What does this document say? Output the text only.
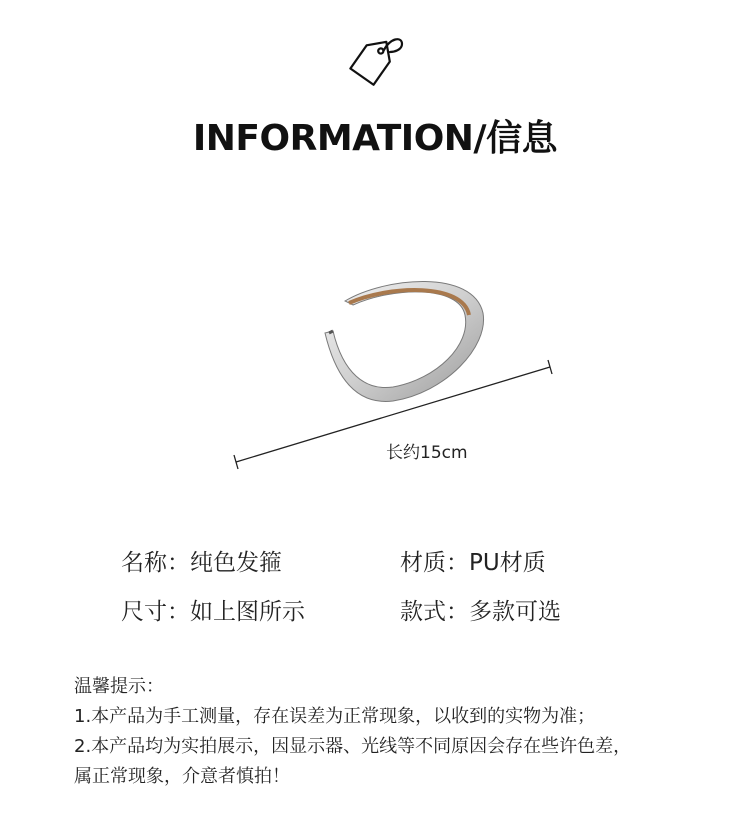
INFORMATION/信息
长约15cm
名称：纯色发箍	材质：PU材质
尺寸：如上图所示	款式：多款可选
温馨提示：
1.本产品为手工测量，存在误差为正常现象，以收到的实物为准；
2.本产品均为实拍展示，因显示器、光线等不同原因会存在些许色差，
属正常现象，介意者慎拍！
